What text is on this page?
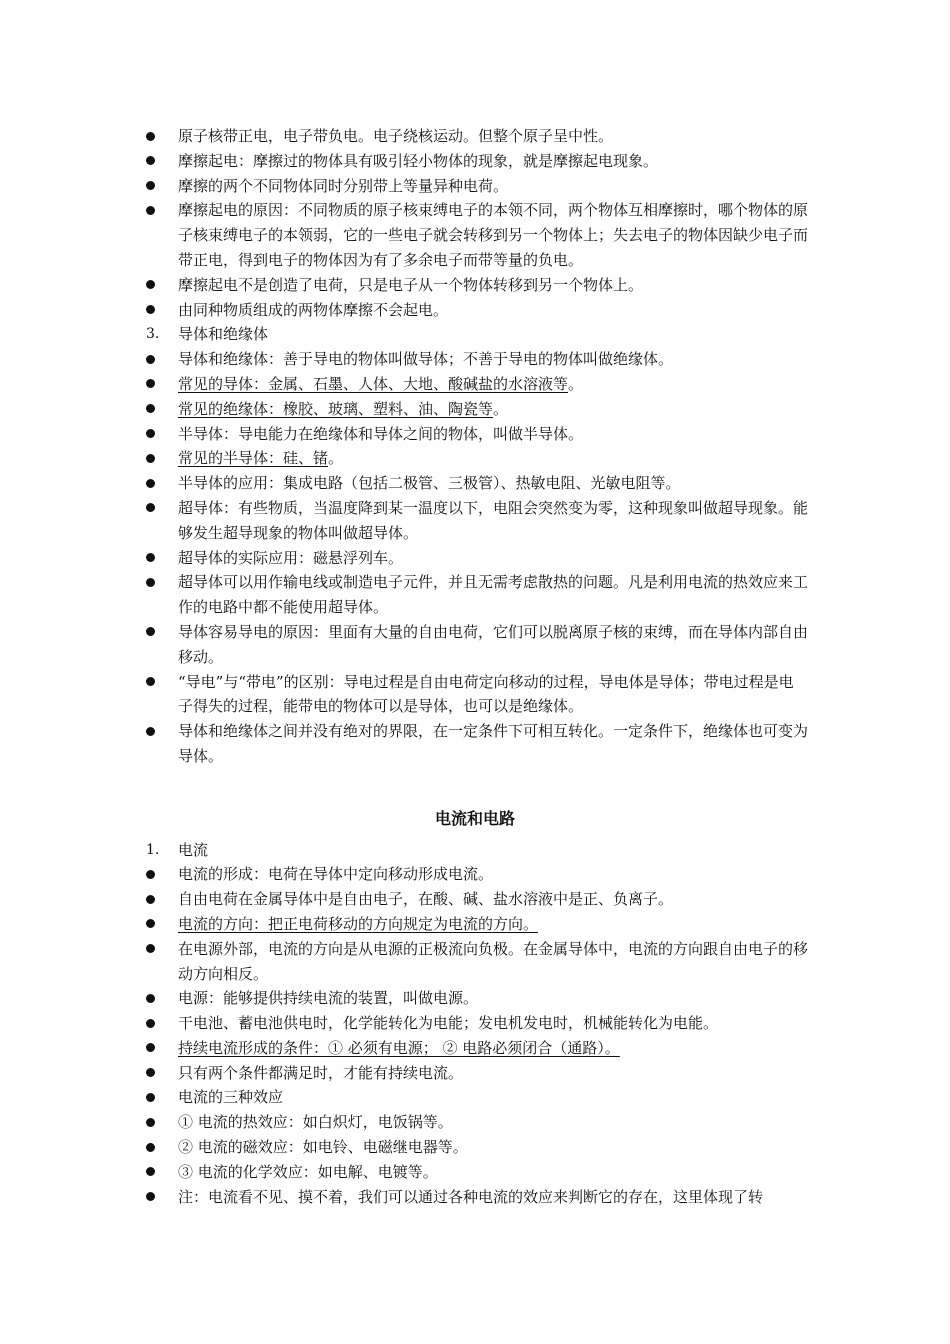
原子核带正电，电子带负电。电子绕核运动。但整个原子呈中性。
摩擦起电：摩擦过的物体具有吸引轻小物体的现象，就是摩擦起电现象。
摩擦的两个不同物体同时分别带上等量异种电荷。
摩擦起电的原因：不同物质的原子核束缚电子的本领不同，两个物体互相摩擦时，哪个物体的原子核束缚电子的本领弱，它的一些电子就会转移到另一个物体上；失去电子的物体因缺少电子而带正电，得到电子的物体因为有了多余电子而带等量的负电。
摩擦起电不是创造了电荷，只是电子从一个物体转移到另一个物体上。
由同种物质组成的两物体摩擦不会起电。
3.	导体和绝缘体
导体和绝缘体：善于导电的物体叫做导体；不善于导电的物体叫做绝缘体。
常见的导体：金属、石墨、人体、大地、酸碱盐的水溶液等。
常见的绝缘体：橡胶、玻璃、塑料、油、陶瓷等。
半导体：导电能力在绝缘体和导体之间的物体，叫做半导体。
常见的半导体：硅、锗。
半导体的应用：集成电路（包括二极管、三极管）、热敏电阻、光敏电阻等。
超导体：有些物质，当温度降到某一温度以下，电阻会突然变为零，这种现象叫做超导现象。能够发生超导现象的物体叫做超导体。
超导体的实际应用：磁悬浮列车。
超导体可以用作输电线或制造电子元件，并且无需考虑散热的问题。凡是利用电流的热效应来工作的电路中都不能使用超导体。
导体容易导电的原因：里面有大量的自由电荷，它们可以脱离原子核的束缚，而在导体内部自由移动。
“导电”与“带电”的区别：导电过程是自由电荷定向移动的过程，导电体是导体；带电过程是电子得失的过程，能带电的物体可以是导体，也可以是绝缘体。
导体和绝缘体之间并没有绝对的界限，在一定条件下可相互转化。一定条件下，绝缘体也可变为导体。
电流和电路
1.	电流
电流的形成：电荷在导体中定向移动形成电流。
自由电荷在金属导体中是自由电子，在酸、碱、盐水溶液中是正、负离子。
电流的方向：把正电荷移动的方向规定为电流的方向。
在电源外部，电流的方向是从电源的正极流向负极。在金属导体中，电流的方向跟自由电子的移动方向相反。
电源：能够提供持续电流的装置，叫做电源。
干电池、蓄电池供电时，化学能转化为电能；发电机发电时，机械能转化为电能。
持续电流形成的条件：① 必须有电源； ② 电路必须闭合（通路）。
只有两个条件都满足时，才能有持续电流。
电流的三种效应
① 电流的热效应：如白炽灯，电饭锅等。
② 电流的磁效应：如电铃、电磁继电器等。
③ 电流的化学效应：如电解、电镀等。
注：电流看不见、摸不着，我们可以通过各种电流的效应来判断它的存在，这里体现了转
